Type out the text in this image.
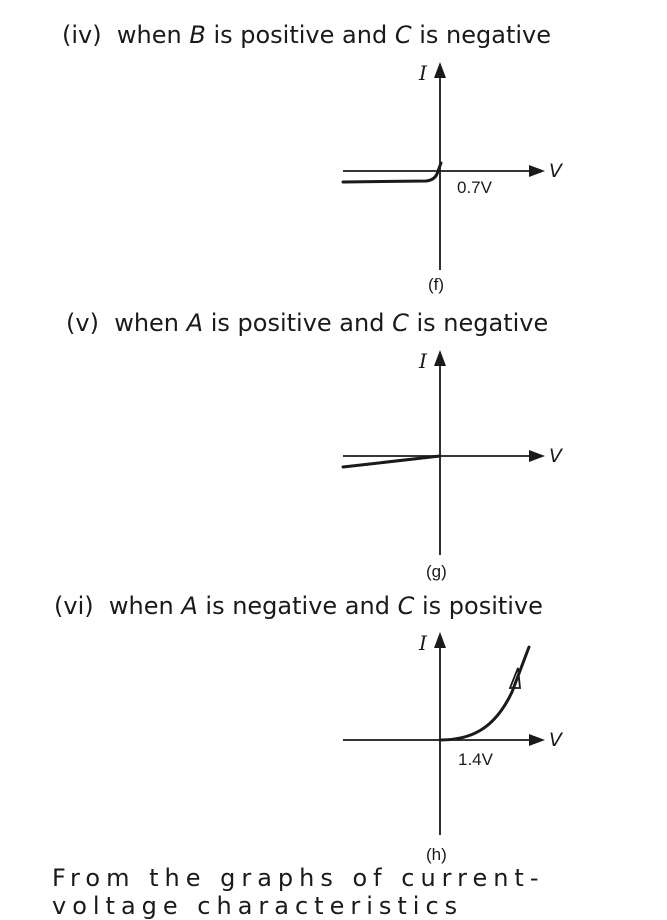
(iv) when B is positive and C is negative
I
V
0.7V
(f)
(v) when A is positive and C is negative
I
V
(g)
(vi) when A is negative and C is positive
I
V
1.4V
(h)
From the graphs of current-voltage characteristics
